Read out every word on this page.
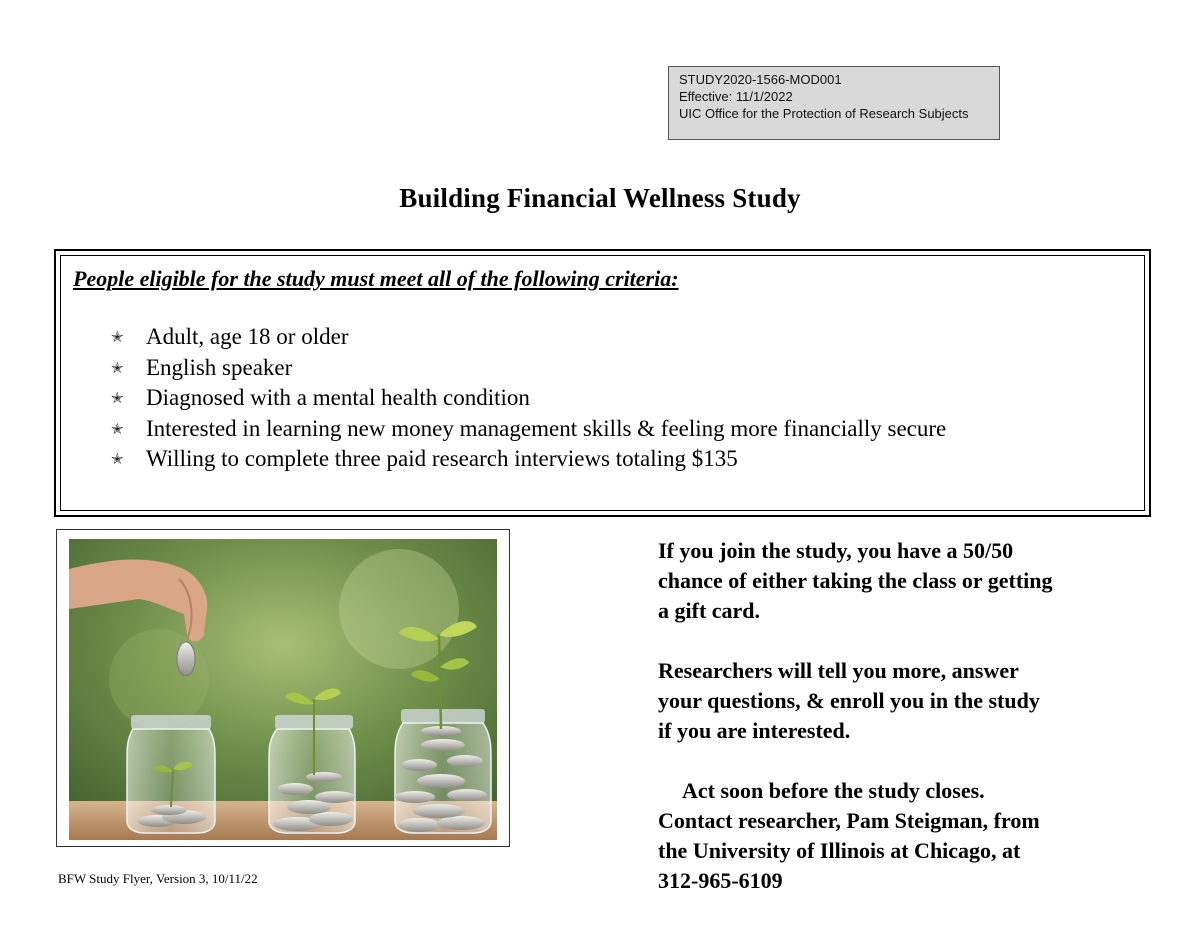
STUDY2020-1566-MOD001
Effective: 11/1/2022
UIC Office for the Protection of Research Subjects
Building Financial Wellness Study
People eligible for the study must meet all of the following criteria:
✭ Adult, age 18 or older
✭ English speaker
✭ Diagnosed with a mental health condition
✭ Interested in learning new money management skills & feeling more financially secure
✭ Willing to complete three paid research interviews totaling $135

If you join the study, you have a 50/50
chance of either taking the class or getting
a gift card.

Researchers will tell you more, answer
your questions, & enroll you in the study
if you are interested.

Act soon before the study closes.
Contact researcher, Pam Steigman, from
the University of Illinois at Chicago, at
312-965-6109

BFW Study Flyer, Version 3, 10/11/22
